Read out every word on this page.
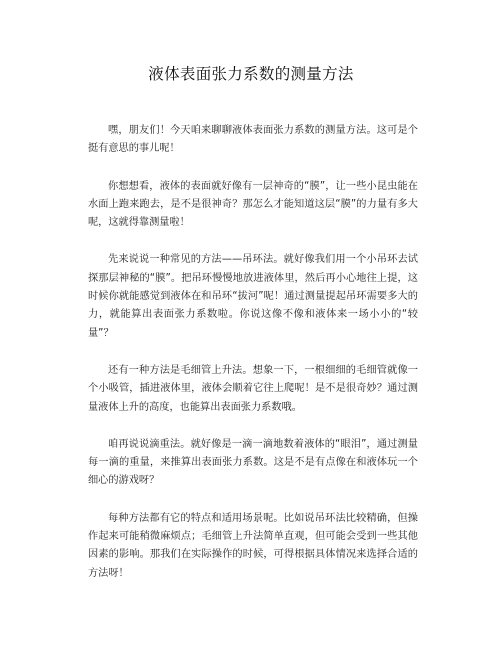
液体表面张力系数的测量方法

嘿，朋友们！今天咱来聊聊液体表面张力系数的测量方法。这可是个挺有意思的事儿呢！

你想想看，液体的表面就好像有一层神奇的“膜”，让一些小昆虫能在水面上跑来跑去，是不是很神奇？那怎么才能知道这层“膜”的力量有多大呢，这就得靠测量啦！

先来说说一种常见的方法——吊环法。就好像我们用一个小吊环去试探那层神秘的“膜”。把吊环慢慢地放进液体里，然后再小心地往上提，这时候你就能感觉到液体在和吊环“拔河”呢！通过测量提起吊环需要多大的力，就能算出表面张力系数啦。你说这像不像和液体来一场小小的“较量”？

还有一种方法是毛细管上升法。想象一下，一根细细的毛细管就像一个小吸管，插进液体里，液体会顺着它往上爬呢！是不是很奇妙？通过测量液体上升的高度，也能算出表面张力系数哦。

咱再说说滴重法。就好像是一滴一滴地数着液体的“眼泪”，通过测量每一滴的重量，来推算出表面张力系数。这是不是有点像在和液体玩一个细心的游戏呀？

每种方法都有它的特点和适用场景呢。比如说吊环法比较精确，但操作起来可能稍微麻烦点；毛细管上升法简单直观，但可能会受到一些其他因素的影响。那我们在实际操作的时候，可得根据具体情况来选择合适的方法呀！
